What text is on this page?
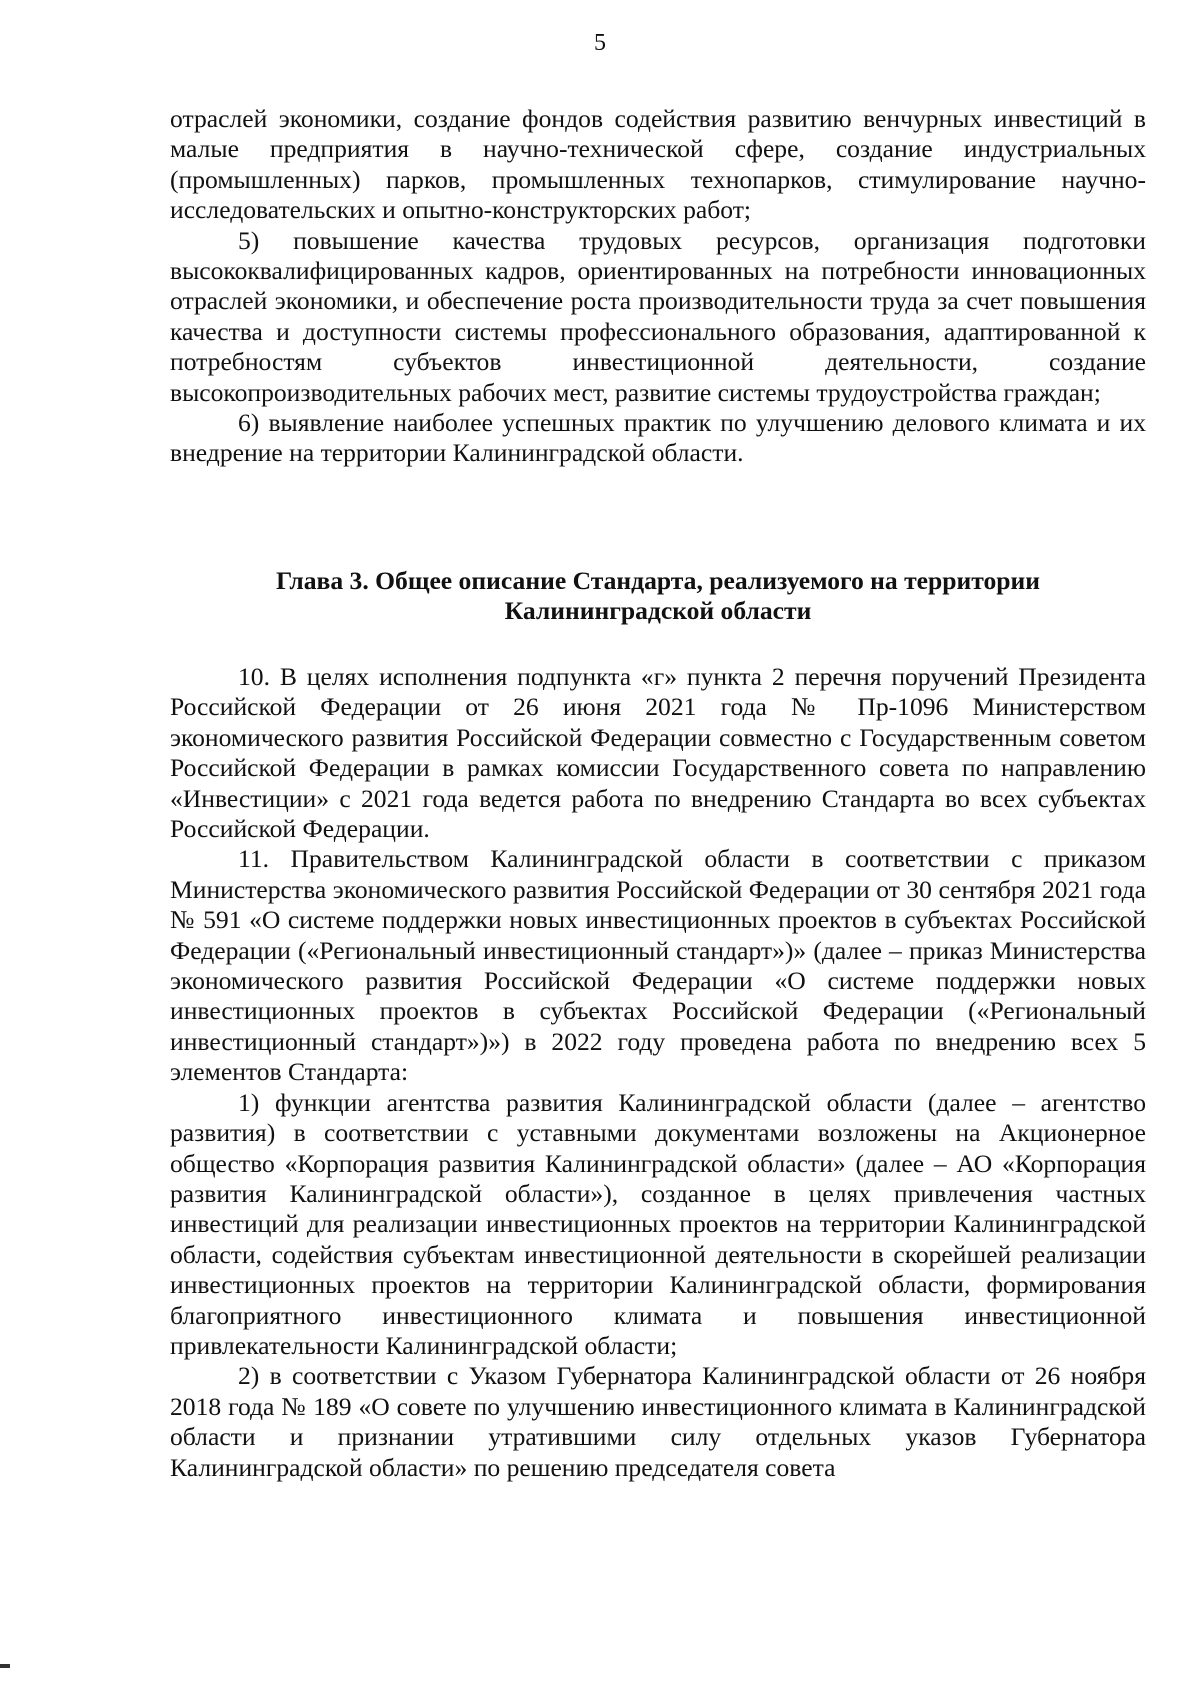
5

отраслей экономики, создание фондов содействия развитию венчурных инвестиций в малые предприятия в научно-технической сфере, создание индустриальных (промышленных) парков, промышленных технопарков, стимулирование научно-исследовательских и опытно-конструкторских работ;

5) повышение качества трудовых ресурсов, организация подготовки высококвалифицированных кадров, ориентированных на потребности инновационных отраслей экономики, и обеспечение роста производительности труда за счет повышения качества и доступности системы профессионального образования, адаптированной к потребностям субъектов инвестиционной деятельности, создание высокопроизводительных рабочих мест, развитие системы трудоустройства граждан;

6) выявление наиболее успешных практик по улучшению делового климата и их внедрение на территории Калининградской области.

Глава 3. Общее описание Стандарта, реализуемого на территории
Калининградской области

10. В целях исполнения подпункта «г» пункта 2 перечня поручений Президента Российской Федерации от 26 июня 2021 года № Пр-1096 Министерством экономического развития Российской Федерации совместно с Государственным советом Российской Федерации в рамках комиссии Государственного совета по направлению «Инвестиции» с 2021 года ведется работа по внедрению Стандарта во всех субъектах Российской Федерации.

11. Правительством Калининградской области в соответствии с приказом Министерства экономического развития Российской Федерации от 30 сентября 2021 года № 591 «О системе поддержки новых инвестиционных проектов в субъектах Российской Федерации («Региональный инвестиционный стандарт»)» (далее – приказ Министерства экономического развития Российской Федерации «О системе поддержки новых инвестиционных проектов в субъектах Российской Федерации («Региональный инвестиционный стандарт»)») в 2022 году проведена работа по внедрению всех 5 элементов Стандарта:

1) функции агентства развития Калининградской области (далее – агентство развития) в соответствии с уставными документами возложены на Акционерное общество «Корпорация развития Калининградской области» (далее – АО «Корпорация развития Калининградской области»), созданное в целях привлечения частных инвестиций для реализации инвестиционных проектов на территории Калининградской области, содействия субъектам инвестиционной деятельности в скорейшей реализации инвестиционных проектов на территории Калининградской области, формирования благоприятного инвестиционного климата и повышения инвестиционной привлекательности Калининградской области;

2) в соответствии с Указом Губернатора Калининградской области от 26 ноября 2018 года № 189 «О совете по улучшению инвестиционного климата в Калининградской области и признании утратившими силу отдельных указов Губернатора Калининградской области» по решению председателя совета
